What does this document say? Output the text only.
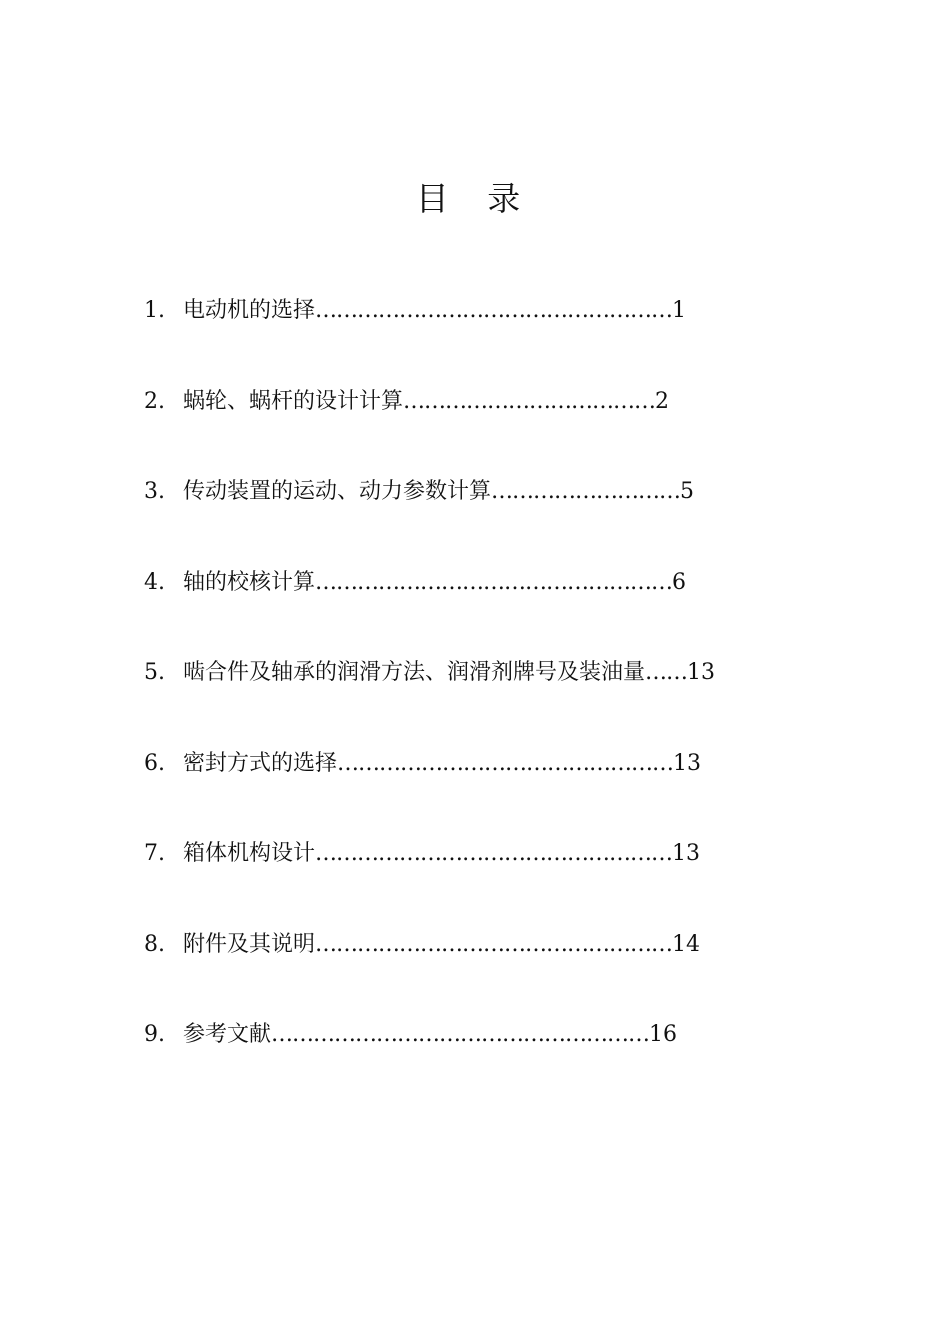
目 录
1. 电动机的选择……………………………………………1
2. 蜗轮、蜗杆的设计计算………………………………2
3. 传动装置的运动、动力参数计算………………………5
4. 轴的校核计算……………………………………………6
5. 啮合件及轴承的润滑方法、润滑剂牌号及装油量……13
6. 密封方式的选择…………………………………………13
7. 箱体机构设计……………………………………………13
8. 附件及其说明……………………………………………14
9. 参考文献………………………………………………16
